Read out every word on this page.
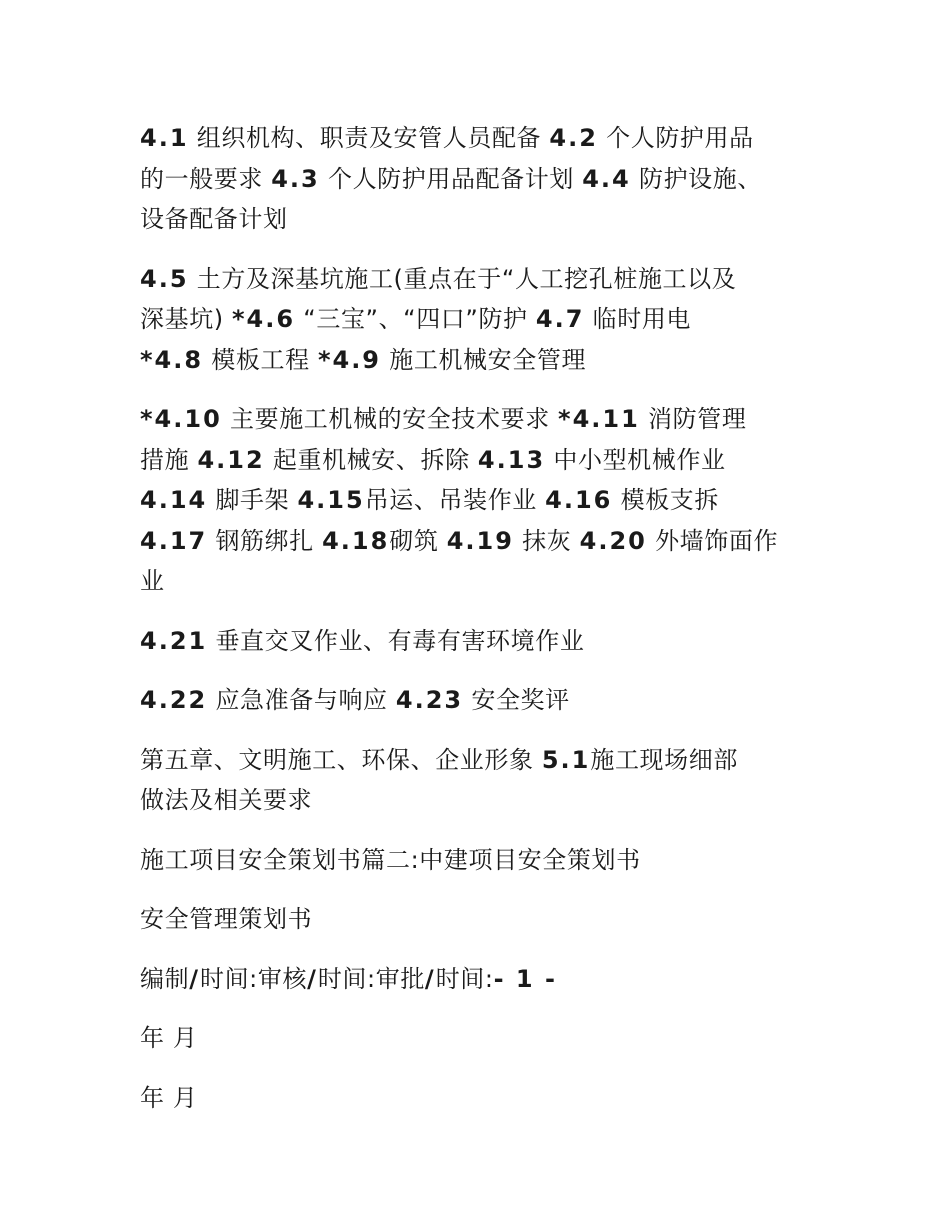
4.1 组织机构、职责及安管人员配备 4.2 个人防护用品
的一般要求 4.3 个人防护用品配备计划 4.4 防护设施、
设备配备计划
4.5 土方及深基坑施工(重点在于“人工挖孔桩施工以及
深基坑) *4.6 “三宝”、“四口”防护 4.7 临时用电
*4.8 模板工程 *4.9 施工机械安全管理
*4.10 主要施工机械的安全技术要求 *4.11 消防管理
措施 4.12 起重机械安、拆除 4.13 中小型机械作业
4.14 脚手架 4.15吊运、吊装作业 4.16 模板支拆
4.17 钢筋绑扎 4.18砌筑 4.19 抹灰 4.20 外墙饰面作
业
4.21 垂直交叉作业、有毒有害环境作业
4.22 应急准备与响应 4.23 安全奖评
第五章、文明施工、环保、企业形象 5.1施工现场细部
做法及相关要求
施工项目安全策划书篇二:中建项目安全策划书
安全管理策划书
编制/时间:审核/时间:审批/时间:- 1 -
年 月
年 月
